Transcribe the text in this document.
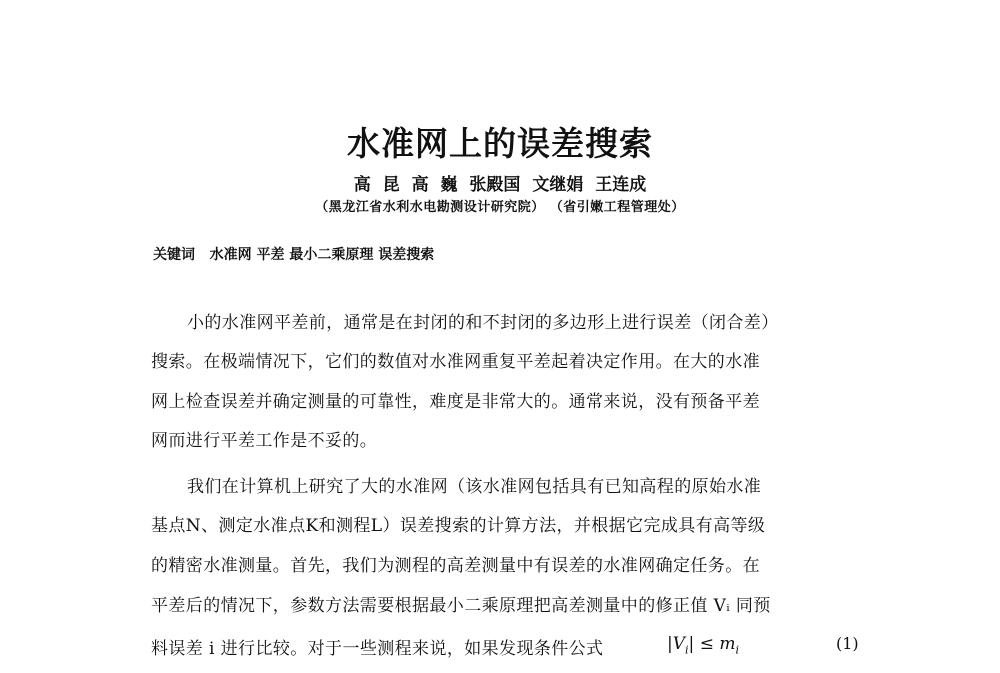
水准网上的误差搜索
高 昆 高 巍 张殿国 文继娟 王连成
（黑龙江省水利水电勘测设计研究院） （省引嫩工程管理处）
关键词 水准网 平差 最小二乘原理 误差搜索
小的水准网平差前，通常是在封闭的和不封闭的多边形上进行误差（闭合差）
搜索。在极端情况下，它们的数值对水准网重复平差起着决定作用。在大的水准
网上检查误差并确定测量的可靠性，难度是非常大的。通常来说，没有预备平差
网而进行平差工作是不妥的。
我们在计算机上研究了大的水准网（该水准网包括具有已知高程的原始水准
基点N、测定水准点K和测程L）误差搜索的计算方法，并根据它完成具有高等级
的精密水准测量。首先，我们为测程的高差测量中有误差的水准网确定任务。在
平差后的情况下，参数方法需要根据最小二乘原理把高差测量中的修正值 Vᵢ 同预
料误差 i 进行比较。对于一些测程来说，如果发现条件公式	$|V_i| \le m_i$	(1)
